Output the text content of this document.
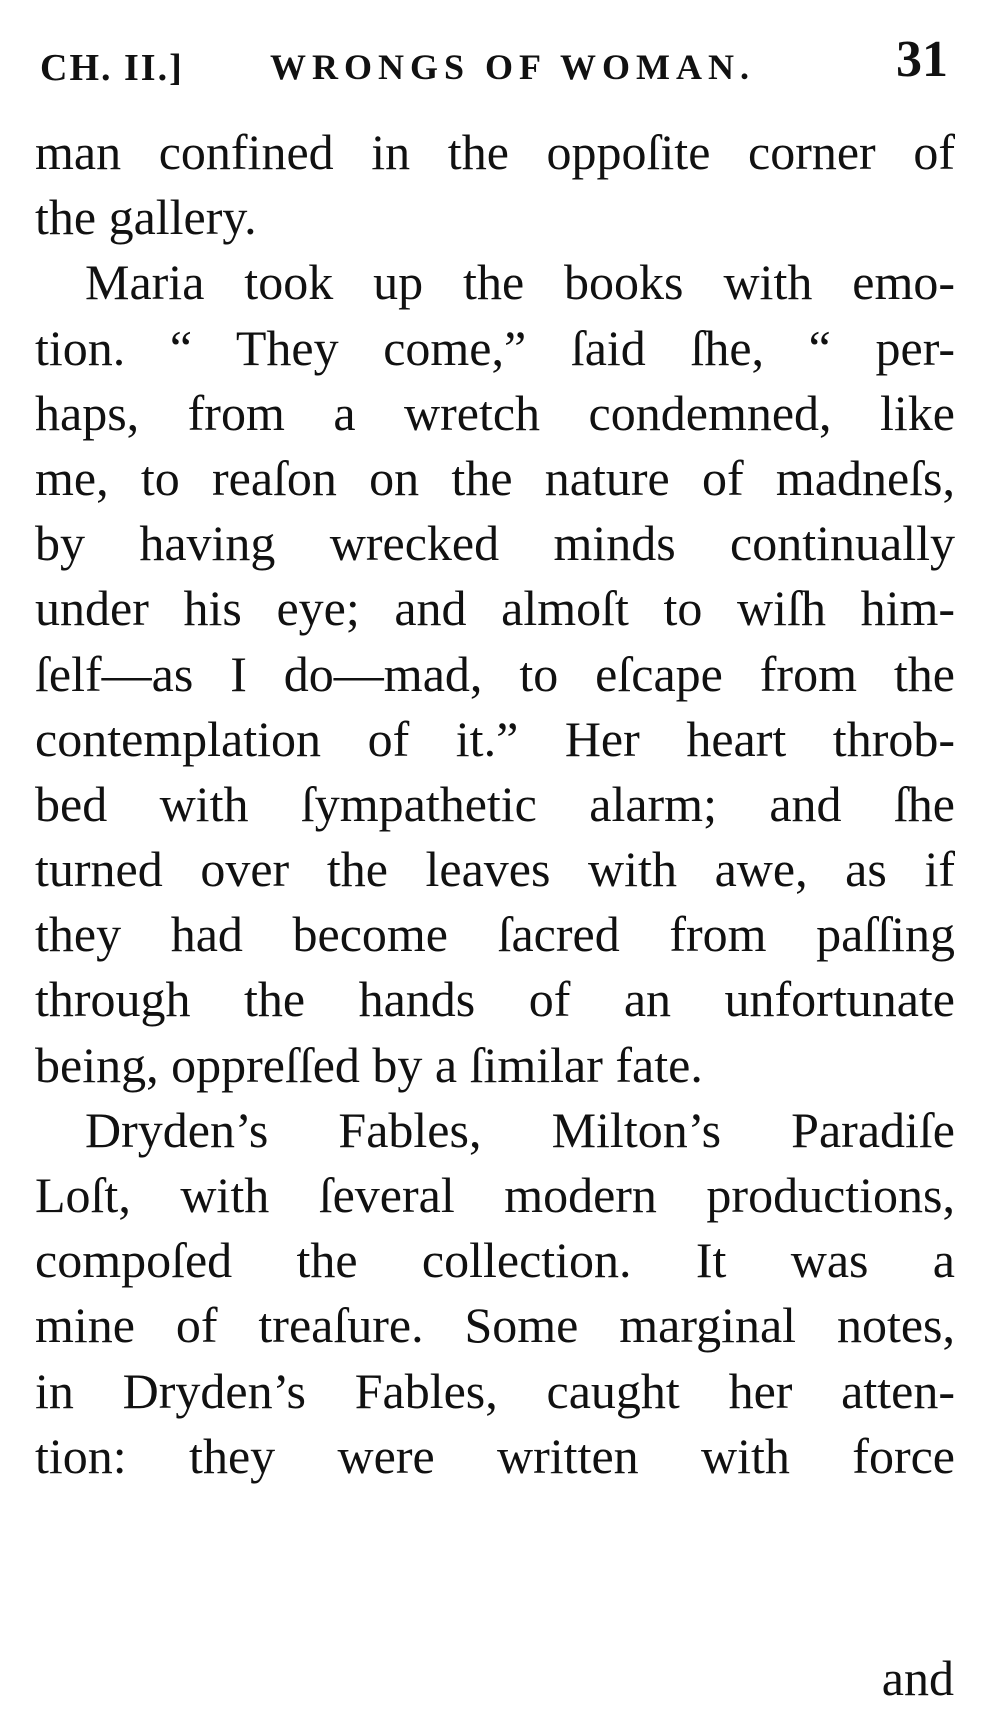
CH. II.] WRONGS OF WOMAN.	31
man confined in the oppoſite corner of
the gallery.
Maria took up the books with emo-
tion. “ They come,” ſaid ſhe, “ per-
haps, from a wretch condemned, like
me, to reaſon on the nature of madneſs,
by having wrecked minds continually
under his eye; and almoſt to wiſh him-
ſelf—as I do—mad, to eſcape from the
contemplation of it.” Her heart throb-
bed with ſympathetic alarm; and ſhe
turned over the leaves with awe, as if
they had become ſacred from paſſing
through the hands of an unfortunate
being, oppreſſed by a ſimilar fate.
Dryden’s Fables, Milton’s Paradiſe
Loſt, with ſeveral modern productions,
compoſed the collection. It was a
mine of treaſure. Some marginal notes,
in Dryden’s Fables, caught her atten-
tion: they were written with force
and
